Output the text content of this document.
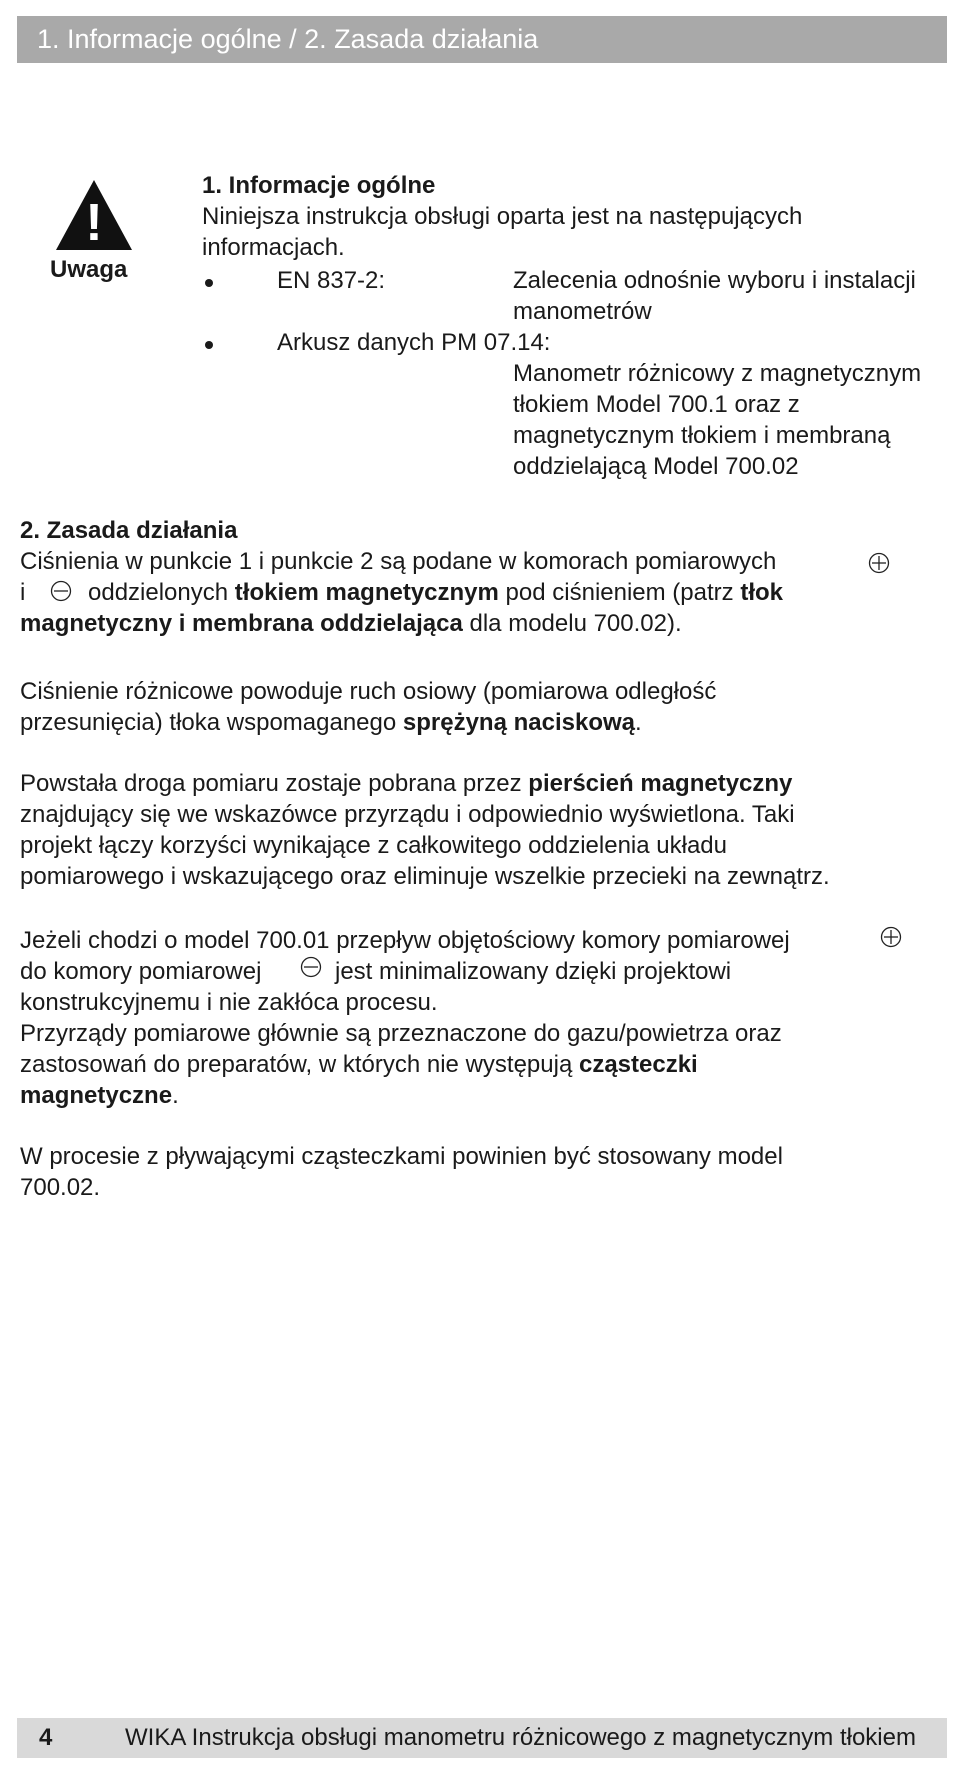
1. Informacje ogólne / 2. Zasada działania
!
Uwaga
1. Informacje ogólne
Niniejsza instrukcja obsługi oparta jest na następujących informacjach.
EN 837-2:	Zalecenia odnośnie wyboru i instalacji manometrów
Arkusz danych PM 07.14:
Manometr różnicowy z magnetycznym tłokiem Model 700.1 oraz z magnetycznym tłokiem i membraną oddzielającą Model 700.02
2. Zasada działania
Ciśnienia w punkcie 1 i punkcie 2 są podane w komorach pomiarowych
i	oddzielonych tłokiem magnetycznym pod ciśnieniem (patrz tłok
magnetyczny i membrana oddzielająca dla modelu 700.02).
Ciśnienie różnicowe powoduje ruch osiowy (pomiarowa odległość
przesunięcia) tłoka wspomaganego sprężyną naciskową.
Powstała droga pomiaru zostaje pobrana przez pierścień magnetyczny
znajdujący się we wskazówce przyrządu i odpowiednio wyświetlona. Taki
projekt łączy korzyści wynikające z całkowitego oddzielenia układu
pomiarowego i wskazującego oraz eliminuje wszelkie przecieki na zewnątrz.
Jeżeli chodzi o model 700.01 przepływ objętościowy komory pomiarowej
do komory pomiarowej	jest minimalizowany dzięki projektowi
konstrukcyjnemu i nie zakłóca procesu.
Przyrządy pomiarowe głównie są przeznaczone do gazu/powietrza oraz
zastosowań do preparatów, w których nie występują cząsteczki
magnetyczne.
W procesie z pływającymi cząsteczkami powinien być stosowany model
700.02.
4	WIKA Instrukcja obsługi manometru różnicowego z magnetycznym tłokiem
